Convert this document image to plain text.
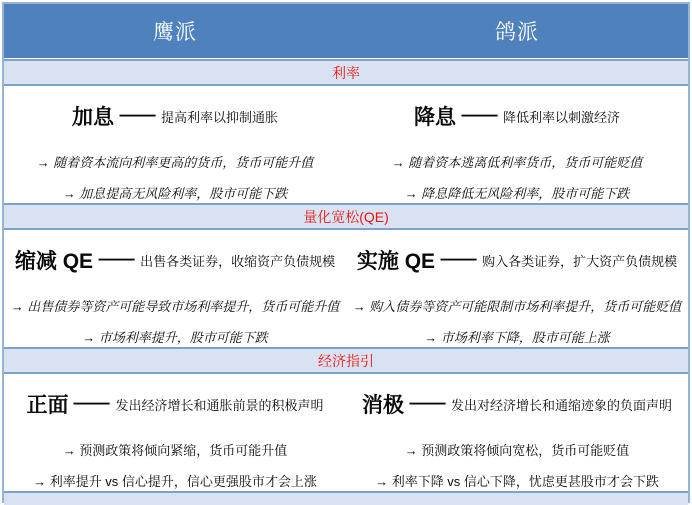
鹰派	鸽派
利率
加息 — 提高利率以抑制通胀
→ 随着资本流向利率更高的货币，货币可能升值
→ 加息提高无风险利率，股市可能下跌
降息 — 降低利率以刺激经济
→ 随着资本逃离低利率货币，货币可能贬值
→ 降息降低无风险利率，股市可能下跌
量化宽松(QE)
缩减 QE — 出售各类证券，收缩资产负债规模
→ 出售债券等资产可能导致市场利率提升，货币可能升值
→ 市场利率提升，股市可能下跌
实施 QE — 购入各类证券，扩大资产负债规模
→ 购入债券等资产可能限制市场利率提升，货币可能贬值
→ 市场利率下降，股市可能上涨
经济指引
正面 — 发出经济增长和通胀前景的积极声明
→ 预测政策将倾向紧缩，货币可能升值
→ 利率提升 vs 信心提升，信心更强股市才会上涨
消极 — 发出对经济增长和通缩迹象的负面声明
→ 预测政策将倾向宽松，货币可能贬值
→ 利率下降 vs 信心下降，忧虑更甚股市才会下跌
